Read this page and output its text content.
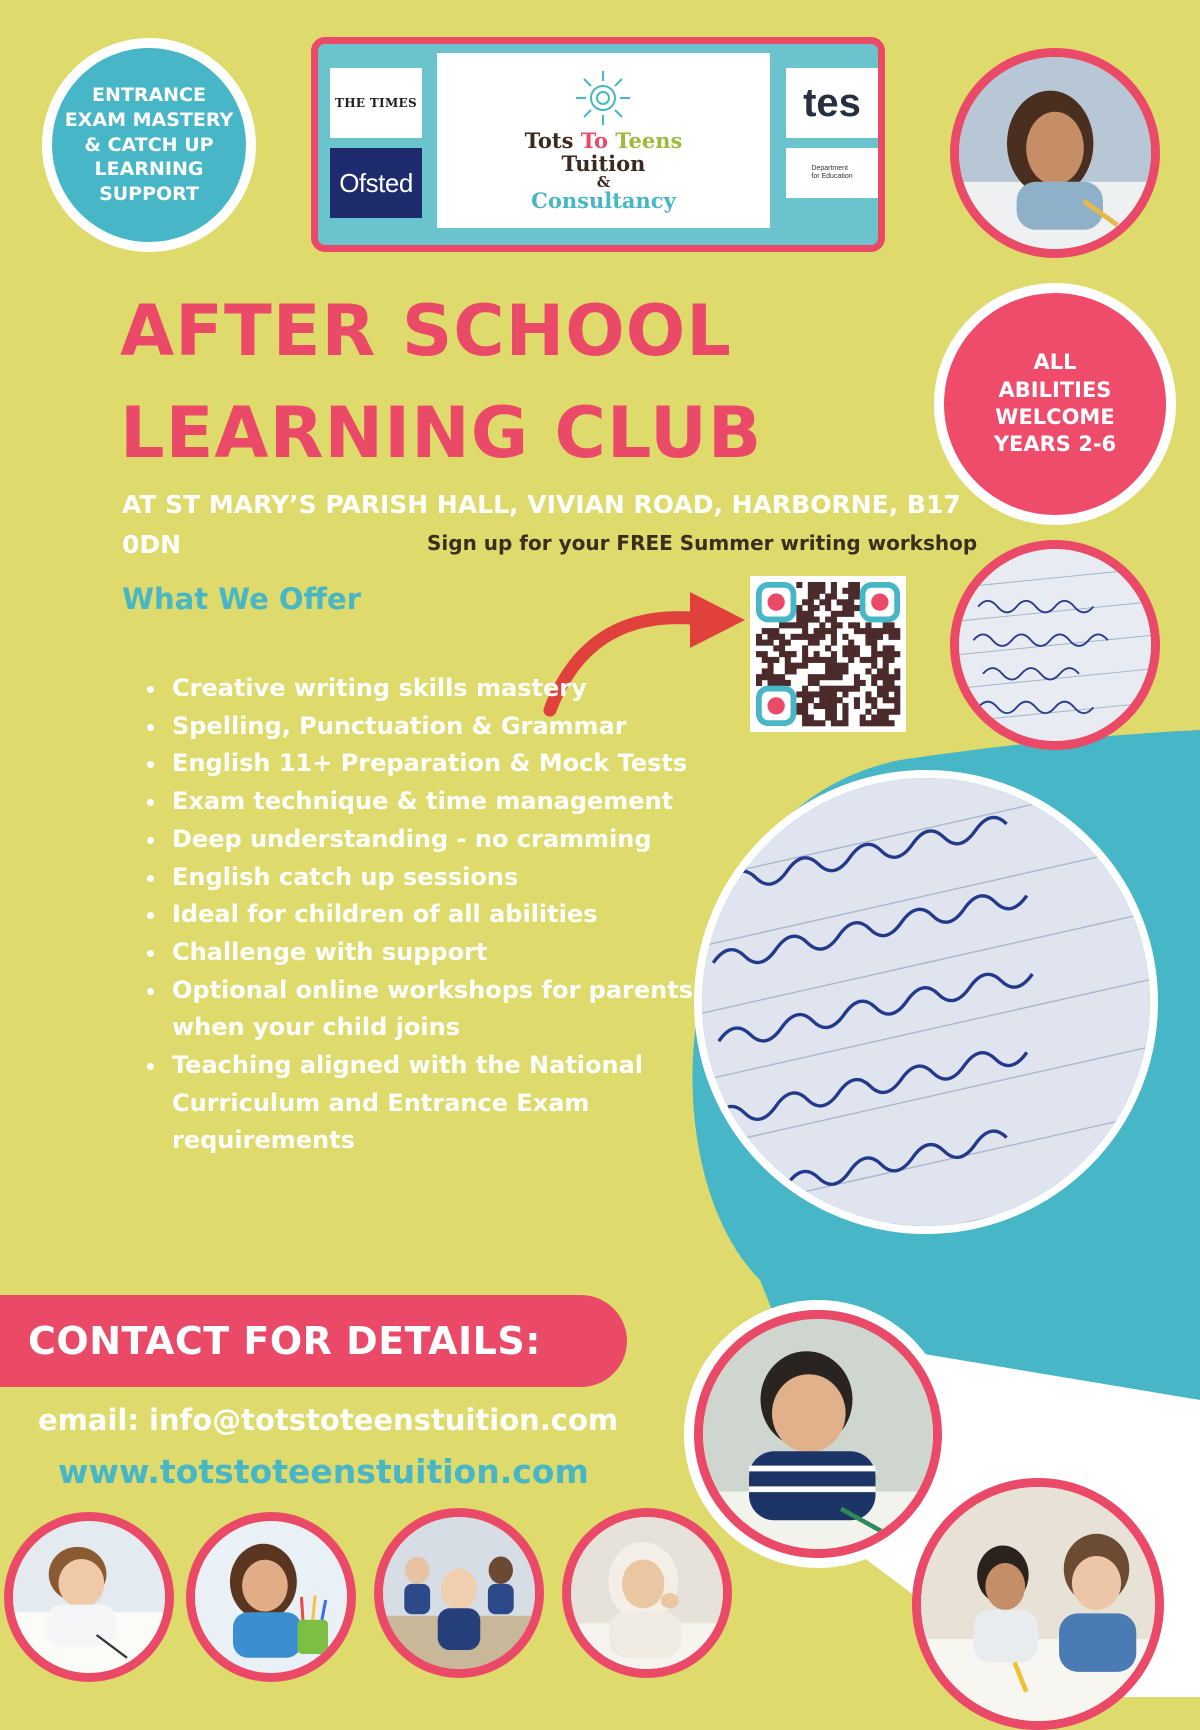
ENTRANCE
EXAM MASTERY
& CATCH UP
LEARNING
SUPPORT
THE TIMES
Ofsted
Tots To Teens
Tuition
&
Consultancy
tes
Department
for Education
ALL
ABILITIES
WELCOME
YEARS 2-6
AFTER SCHOOL
LEARNING CLUB
AT ST MARY’S PARISH HALL, VIVIAN ROAD, HARBORNE, B17 0DN	Sign up for your FREE Summer writing workshop
What We Offer
• Creative writing skills mastery
• Spelling, Punctuation & Grammar
• English 11+ Preparation & Mock Tests
• Exam technique & time management
• Deep understanding - no cramming
• English catch up sessions
• Ideal for children of all abilities
• Challenge with support
• Optional online workshops for parents when your child joins
• Teaching aligned with the National Curriculum and Entrance Exam requirements
CONTACT FOR DETAILS:
email: info@totstoteenstuition.com
www.totstoteenstuition.com
